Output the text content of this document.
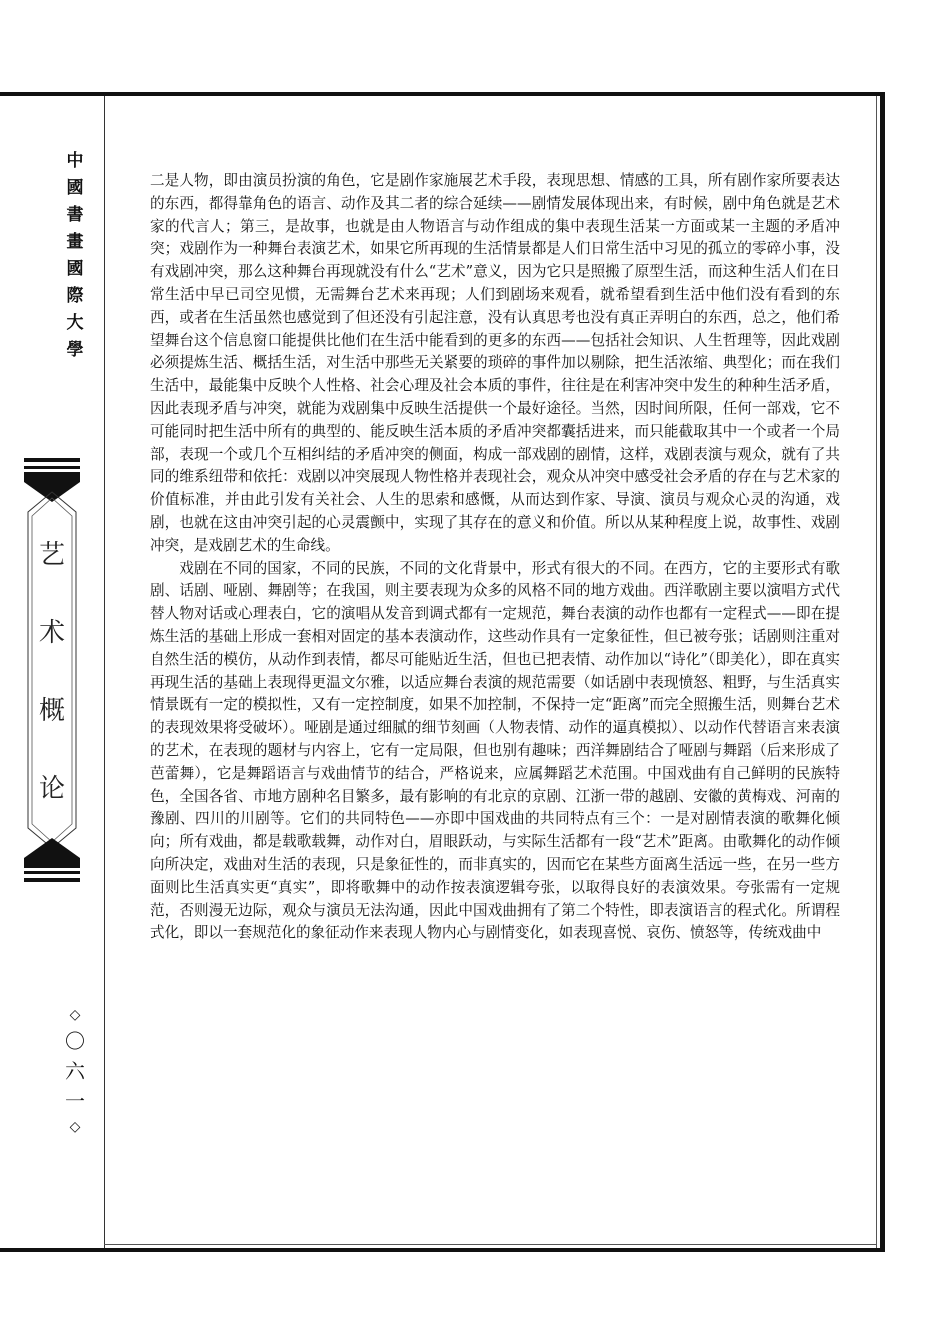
中
國
書
畫
國
際
大
學
艺
术
概
论
◇
〇
六
一
◇

二是人物，即由演员扮演的角色，它是剧作家施展艺术手段，表现思想、情感的工具，所有剧作家所要表达的东西，都得靠角色的语言、动作及其二者的综合延续——剧情发展体现出来，有时候，剧中角色就是艺术家的代言人；第三，是故事，也就是由人物语言与动作组成的集中表现生活某一方面或某一主题的矛盾冲突；戏剧作为一种舞台表演艺术，如果它所再现的生活情景都是人们日常生活中习见的孤立的零碎小事，没有戏剧冲突，那么这种舞台再现就没有什么“艺术”意义，因为它只是照搬了原型生活，而这种生活人们在日常生活中早已司空见惯，无需舞台艺术来再现；人们到剧场来观看，就希望看到生活中他们没有看到的东西，或者在生活虽然也感觉到了但还没有引起注意，没有认真思考也没有真正弄明白的东西，总之，他们希望舞台这个信息窗口能提供比他们在生活中能看到的更多的东西——包括社会知识、人生哲理等，因此戏剧必须提炼生活、概括生活，对生活中那些无关紧要的琐碎的事件加以剔除，把生活浓缩、典型化；而在我们生活中，最能集中反映个人性格、社会心理及社会本质的事件，往往是在利害冲突中发生的种种生活矛盾，因此表现矛盾与冲突，就能为戏剧集中反映生活提供一个最好途径。当然，因时间所限，任何一部戏，它不可能同时把生活中所有的典型的、能反映生活本质的矛盾冲突都囊括进来，而只能截取其中一个或者一个局部，表现一个或几个互相纠结的矛盾冲突的侧面，构成一部戏剧的剧情，这样，戏剧表演与观众，就有了共同的维系纽带和依托：戏剧以冲突展现人物性格并表现社会，观众从冲突中感受社会矛盾的存在与艺术家的价值标准，并由此引发有关社会、人生的思索和感慨，从而达到作家、导演、演员与观众心灵的沟通，戏剧，也就在这由冲突引起的心灵震颤中，实现了其存在的意义和价值。所以从某种程度上说，故事性、戏剧冲突，是戏剧艺术的生命线。

戏剧在不同的国家，不同的民族，不同的文化背景中，形式有很大的不同。在西方，它的主要形式有歌剧、话剧、哑剧、舞剧等；在我国，则主要表现为众多的风格不同的地方戏曲。西洋歌剧主要以演唱方式代替人物对话或心理表白，它的演唱从发音到调式都有一定规范，舞台表演的动作也都有一定程式——即在提炼生活的基础上形成一套相对固定的基本表演动作，这些动作具有一定象征性，但已被夸张；话剧则注重对自然生活的模仿，从动作到表情，都尽可能贴近生活，但也已把表情、动作加以“诗化”（即美化），即在真实再现生活的基础上表现得更温文尔雅，以适应舞台表演的规范需要（如话剧中表现愤怒、粗野，与生活真实情景既有一定的模拟性，又有一定控制度，如果不加控制，不保持一定“距离”而完全照搬生活，则舞台艺术的表现效果将受破坏）。哑剧是通过细腻的细节刻画（人物表情、动作的逼真模拟）、以动作代替语言来表演的艺术，在表现的题材与内容上，它有一定局限，但也别有趣味；西洋舞剧结合了哑剧与舞蹈（后来形成了芭蕾舞），它是舞蹈语言与戏曲情节的结合，严格说来，应属舞蹈艺术范围。中国戏曲有自己鲜明的民族特色，全国各省、市地方剧种名目繁多，最有影响的有北京的京剧、江浙一带的越剧、安徽的黄梅戏、河南的豫剧、四川的川剧等。它们的共同特色——亦即中国戏曲的共同特点有三个：一是对剧情表演的歌舞化倾向；所有戏曲，都是载歌载舞，动作对白，眉眼跃动，与实际生活都有一段“艺术”距离。由歌舞化的动作倾向所决定，戏曲对生活的表现，只是象征性的，而非真实的，因而它在某些方面离生活远一些，在另一些方面则比生活真实更“真实”，即将歌舞中的动作按表演逻辑夸张，以取得良好的表演效果。夸张需有一定规范，否则漫无边际，观众与演员无法沟通，因此中国戏曲拥有了第二个特性，即表演语言的程式化。所谓程式化，即以一套规范化的象征动作来表现人物内心与剧情变化，如表现喜悦、哀伤、愤怒等，传统戏曲中
